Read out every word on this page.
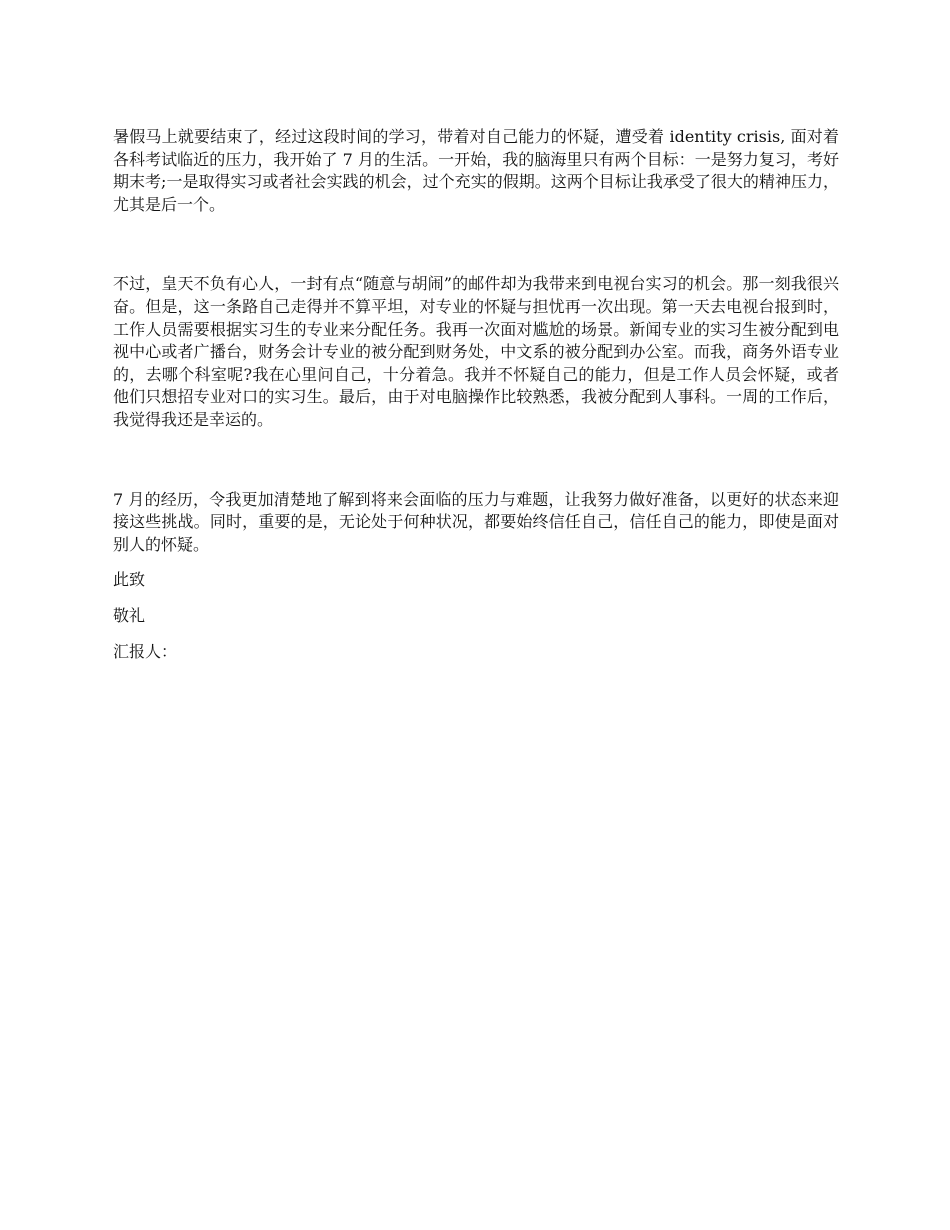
暑假马上就要结束了，经过这段时间的学习，带着对自己能力的怀疑，遭受着 identity crisis, 面对着各科考试临近的压力，我开始了 7 月的生活。一开始，我的脑海里只有两个目标：一是努力复习，考好期末考;一是取得实习或者社会实践的机会，过个充实的假期。这两个目标让我承受了很大的精神压力，尤其是后一个。

不过，皇天不负有心人，一封有点“随意与胡闹”的邮件却为我带来到电视台实习的机会。那一刻我很兴奋。但是，这一条路自己走得并不算平坦，对专业的怀疑与担忧再一次出现。第一天去电视台报到时，工作人员需要根据实习生的专业来分配任务。我再一次面对尴尬的场景。新闻专业的实习生被分配到电视中心或者广播台，财务会计专业的被分配到财务处，中文系的被分配到办公室。而我，商务外语专业的，去哪个科室呢?我在心里问自己，十分着急。我并不怀疑自己的能力，但是工作人员会怀疑，或者他们只想招专业对口的实习生。最后，由于对电脑操作比较熟悉，我被分配到人事科。一周的工作后，我觉得我还是幸运的。

7 月的经历，令我更加清楚地了解到将来会面临的压力与难题，让我努力做好准备，以更好的状态来迎接这些挑战。同时，重要的是，无论处于何种状况，都要始终信任自己，信任自己的能力，即使是面对别人的怀疑。

此致

敬礼

汇报人：
